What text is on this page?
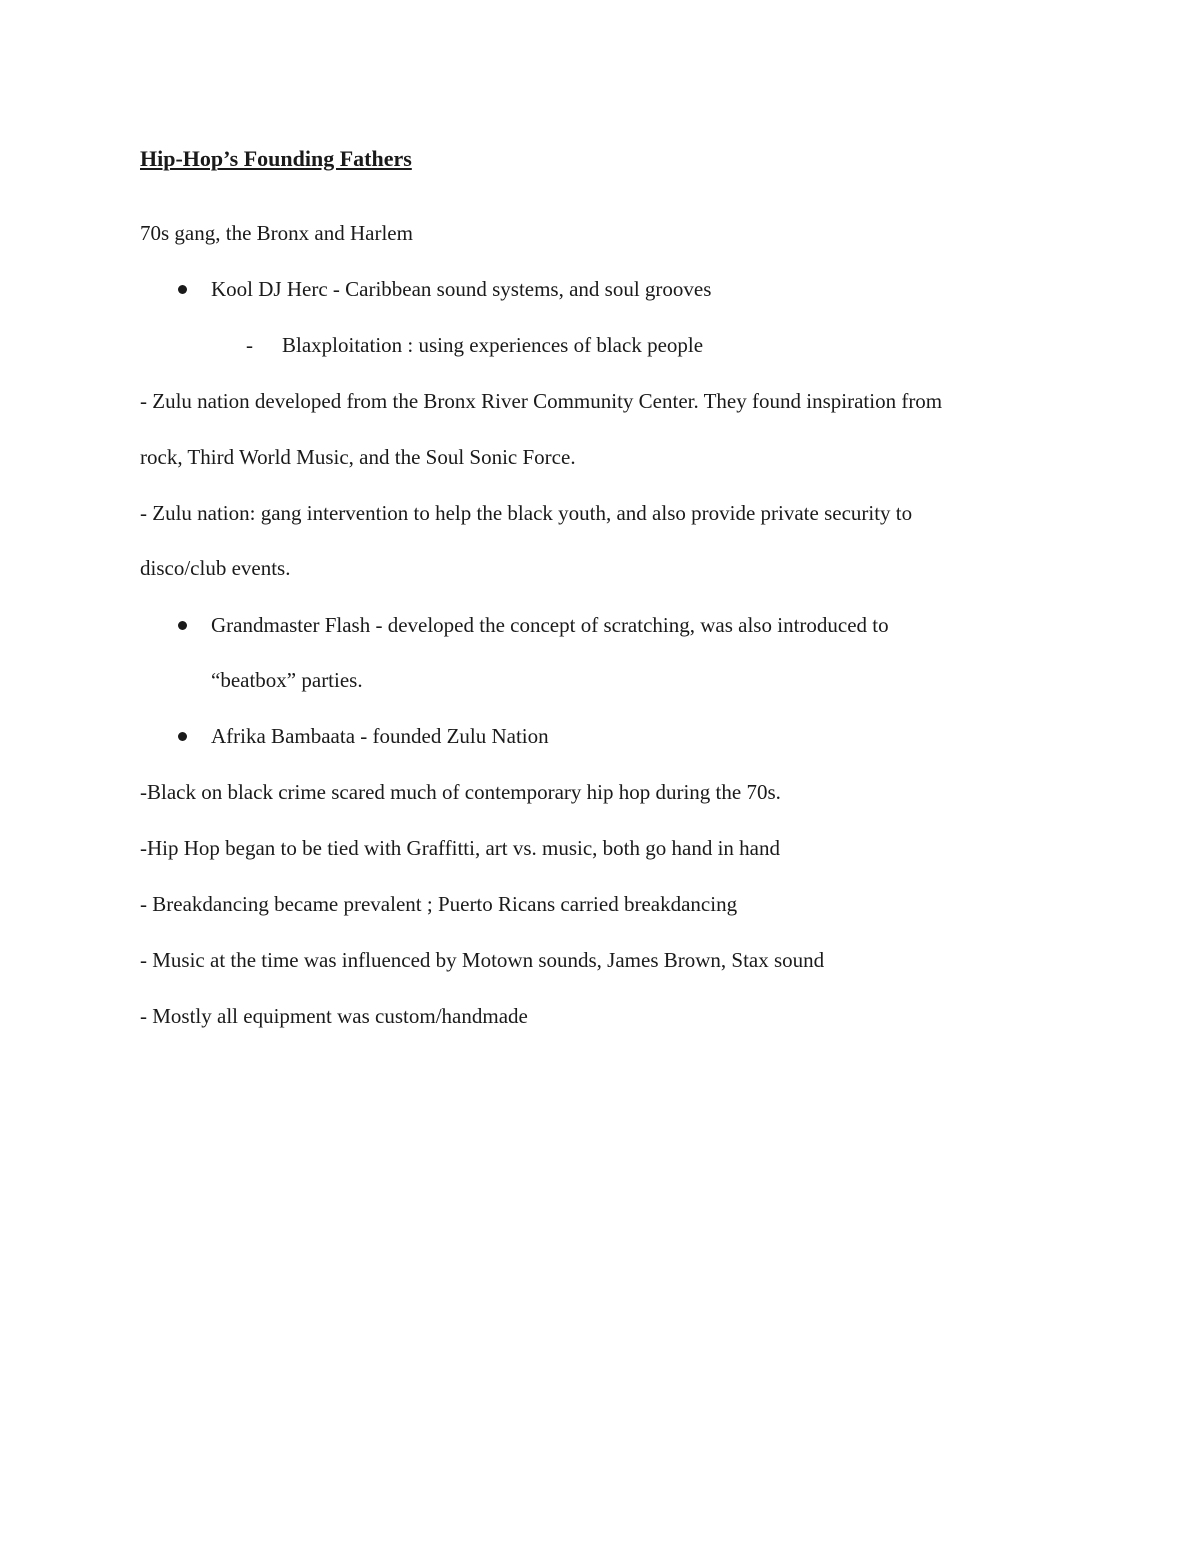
Hip-Hop’s Founding Fathers
70s gang, the Bronx and Harlem
Kool DJ Herc - Caribbean sound systems, and soul grooves
- Blaxploitation : using experiences of black people
- Zulu nation developed from the Bronx River Community Center. They found inspiration from
rock, Third World Music, and the Soul Sonic Force.
- Zulu nation: gang intervention to help the black youth, and also provide private security to
disco/club events.
Grandmaster Flash - developed the concept of scratching, was also introduced to
“beatbox” parties.
Afrika Bambaata - founded Zulu Nation
-Black on black crime scared much of contemporary hip hop during the 70s.
-Hip Hop began to be tied with Graffitti, art vs. music, both go hand in hand
- Breakdancing became prevalent ; Puerto Ricans carried breakdancing
- Music at the time was influenced by Motown sounds, James Brown, Stax sound
- Mostly all equipment was custom/handmade
